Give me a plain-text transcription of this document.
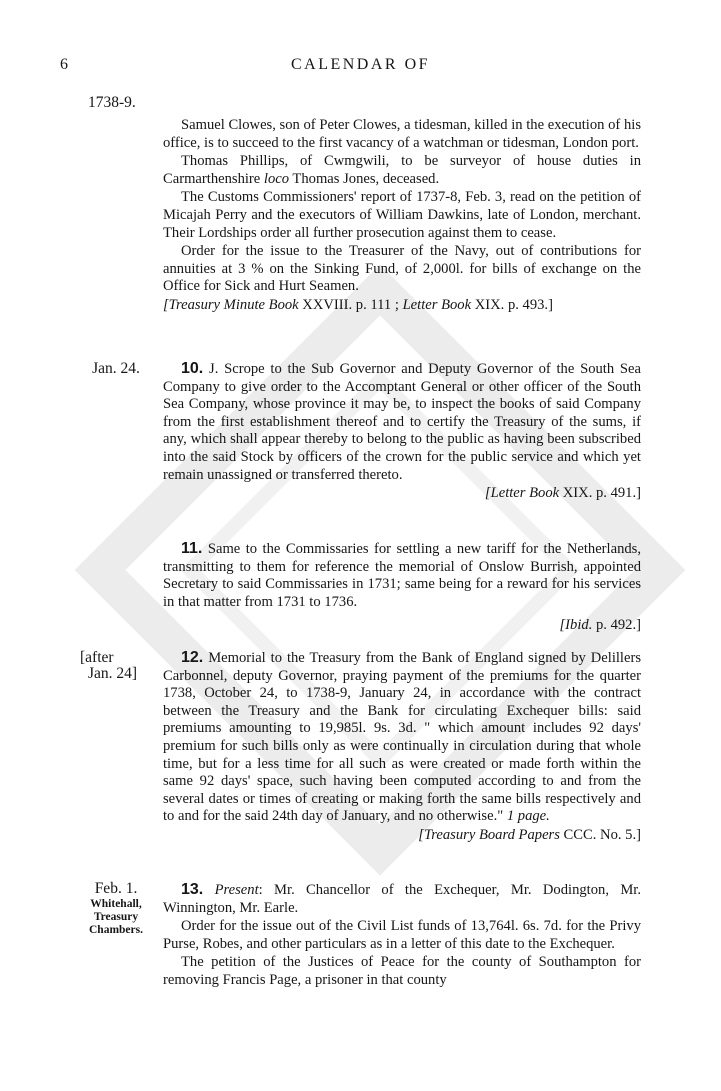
6	CALENDAR OF
1738-9.

Samuel Clowes, son of Peter Clowes, a tidesman, killed in the execution of his office, is to succeed to the first vacancy of a watchman or tidesman, London port.

Thomas Phillips, of Cwmgwili, to be surveyor of house duties in Carmarthenshire loco Thomas Jones, deceased.

The Customs Commissioners' report of 1737-8, Feb. 3, read on the petition of Micajah Perry and the executors of William Dawkins, late of London, merchant. Their Lordships order all further prosecution against them to cease.

Order for the issue to the Treasurer of the Navy, out of contributions for annuities at 3 % on the Sinking Fund, of 2,000l. for bills of exchange on the Office for Sick and Hurt Seamen.

[Treasury Minute Book XXVIII. p. 111 ; Letter Book XIX. p. 493.]

Jan. 24.	10. J. Scrope to the Sub Governor and Deputy Governor of the South Sea Company to give order to the Accomptant General or other officer of the South Sea Company, whose province it may be, to inspect the books of said Company from the first establishment thereof and to certify the Treasury of the sums, if any, which shall appear thereby to belong to the public as having been subscribed into the said Stock by officers of the crown for the public service and which yet remain unassigned or transferred thereto.

[Letter Book XIX. p. 491.]

11. Same to the Commissaries for settling a new tariff for the Netherlands, transmitting to them for reference the memorial of Onslow Burrish, appointed Secretary to said Commissaries in 1731; same being for a reward for his services in that matter from 1731 to 1736.

[Ibid. p. 492.]

[after
Jan. 24]

12. Memorial to the Treasury from the Bank of England signed by Delillers Carbonnel, deputy Governor, praying payment of the premiums for the quarter 1738, October 24, to 1738-9, January 24, in accordance with the contract between the Treasury and the Bank for circulating Exchequer bills: said premiums amounting to 19,985l. 9s. 3d. " which amount includes 92 days' premium for such bills only as were continually in circulation during that whole time, but for a less time for all such as were created or made forth within the same 92 days' space, such having been computed according to and from the several dates or times of creating or making forth the same bills respectively and to and for the said 24th day of January, and no otherwise." 1 page.

[Treasury Board Papers CCC. No. 5.]

Feb. 1.
Whitehall,
Treasury
Chambers.

13. Present: Mr. Chancellor of the Exchequer, Mr. Dodington, Mr. Winnington, Mr. Earle.

Order for the issue out of the Civil List funds of 13,764l. 6s. 7d. for the Privy Purse, Robes, and other particulars as in a letter of this date to the Exchequer.

The petition of the Justices of Peace for the county of Southampton for removing Francis Page, a prisoner in that county
